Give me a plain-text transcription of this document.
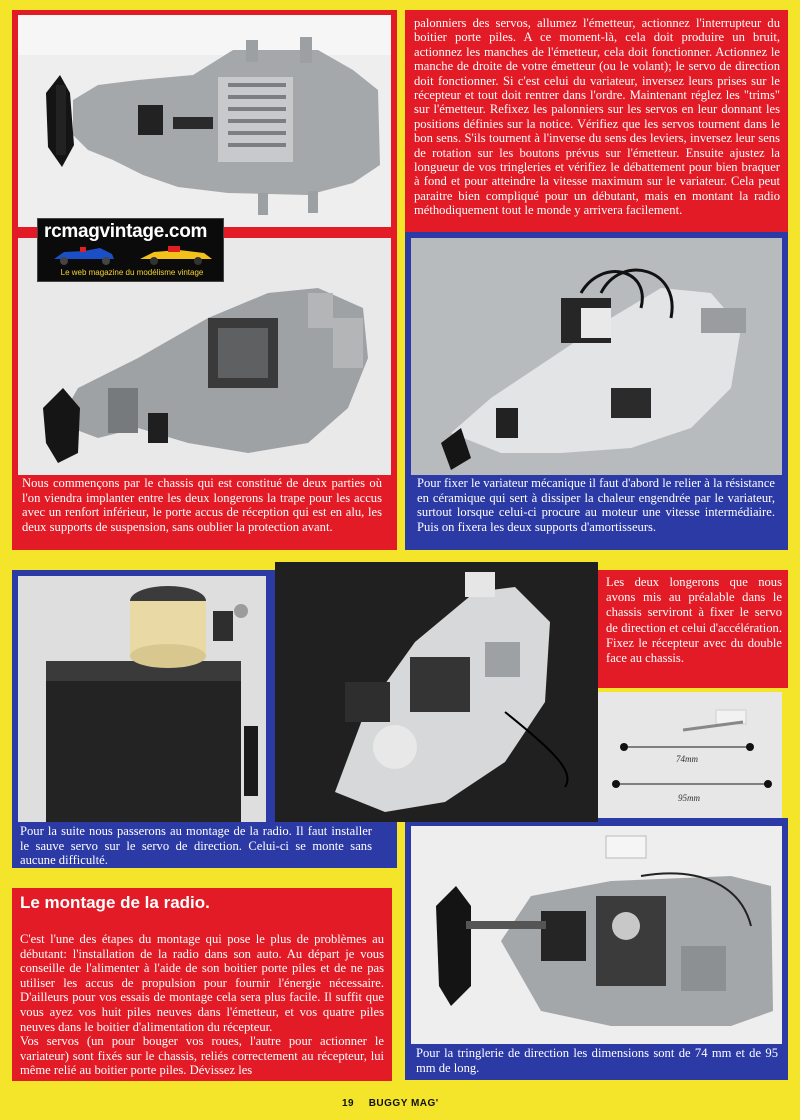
74mm
95mm
rcmagvintage.com
Le web magazine du modélisme vintage
palonniers des servos, allumez l'émetteur, actionnez l'interrupteur du boitier porte piles. A ce moment-là, cela doit produire un bruit, actionnez les manches de l'émetteur, cela doit fonctionner. Actionnez le manche de droite de votre émetteur (ou le volant); le servo de direction doit fonctionner. Si c'est celui du variateur, inversez leurs prises sur le récepteur et tout doit rentrer dans l'ordre. Maintenant réglez les "trims" sur l'émetteur. Refixez les palonniers sur les servos en leur donnant les positions définies sur la notice. Vérifiez que les servos tournent dans le bon sens. S'ils tournent à l'inverse du sens des leviers, inversez leur sens de rotation sur les boutons prévus sur l'émetteur. Ensuite ajustez la longueur de vos tringleries et vérifiez le débattement pour bien braquer à fond et pour atteindre la vitesse maximum sur le variateur. Cela peut paraitre bien compliqué pour un débutant, mais en montant la radio méthodiquement tout le monde y arrivera facilement.
Nous commençons par le chassis qui est constitué de deux parties où l'on viendra implanter entre les deux longerons la trape pour les accus avec un renfort inférieur, le porte accus de réception qui est en alu, les deux supports de suspension, sans oublier la protection avant.
Pour fixer le variateur mécanique il faut d'abord le relier à la résistance en céramique qui sert à dissiper la chaleur engendrée par le variateur, surtout lorsque celui-ci procure au moteur une vitesse intermédiaire. Puis on fixera les deux supports d'amortisseurs.
Les deux longerons que nous avons mis au préalable dans le chassis serviront à fixer le servo de direction et celui d'accélération. Fixez le récepteur avec du double face au chassis.
Pour la suite nous passerons au montage de la radio. Il faut installer le sauve servo sur le servo de direction. Celui-ci se monte sans aucune difficulté.
Le montage de la radio.
C'est l'une des étapes du montage qui pose le plus de problèmes au débutant: l'installation de la radio dans son auto. Au départ je vous conseille de l'alimenter à l'aide de son boitier porte piles et de ne pas utiliser les accus de propulsion pour fournir l'énergie nécessaire. D'ailleurs pour vos essais de montage cela sera plus facile. Il suffit que vous ayez vos huit piles neuves dans l'émetteur, et vos quatre piles neuves dans le boitier d'alimentation du récepteur.
Vos servos (un pour bouger vos roues, l'autre pour actionner le variateur) sont fixés sur le chassis, reliés correctement au récepteur, lui même relié au boitier porte piles. Dévissez les
Pour la tringlerie de direction les dimensions sont de 74 mm et de 95 mm de long.
19 BUGGY MAG'
